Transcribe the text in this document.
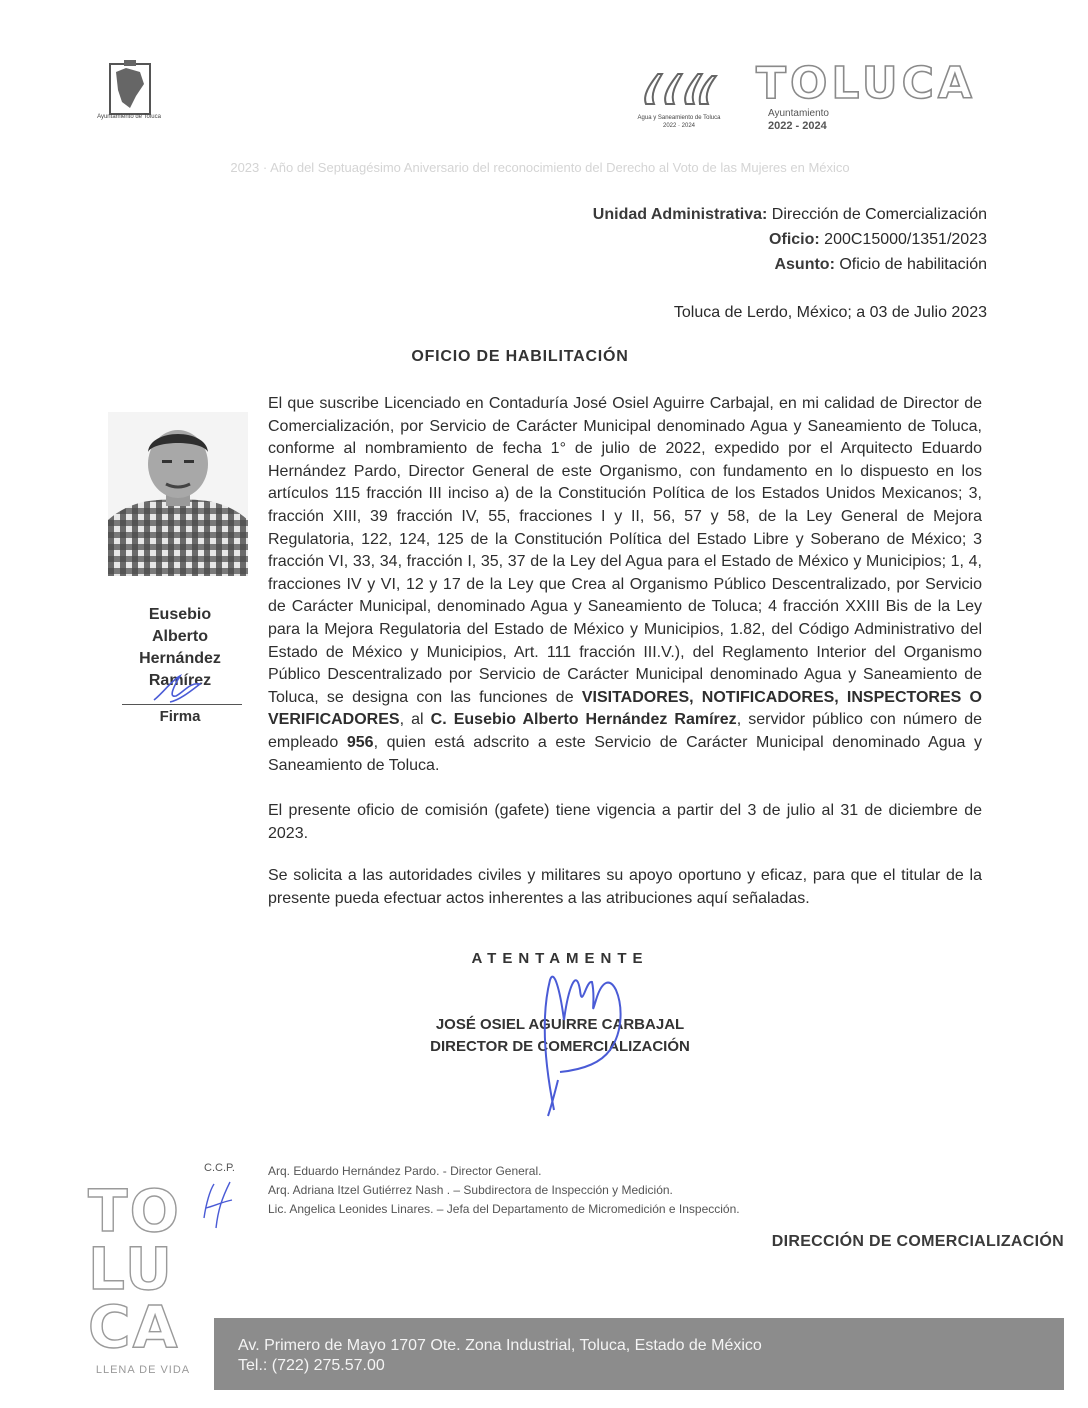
Ayuntamiento de Toluca	Agua y Saneamiento de Toluca
2022 · 2024
TOLUCA
Ayuntamiento
2022 - 2024
2023 · Año del Septuagésimo Aniversario del reconocimiento del Derecho al Voto de las Mujeres en México
Unidad Administrativa: Dirección de Comercialización
Oficio: 200C15000/1351/2023
Asunto: Oficio de habilitación
Toluca de Lerdo, México; a 03 de Julio 2023
OFICIO DE HABILITACIÓN
Eusebio
Alberto
Hernández
Ramírez
Firma
El que suscribe Licenciado en Contaduría José Osiel Aguirre Carbajal, en mi calidad de Director de Comercialización, por Servicio de Carácter Municipal denominado Agua y Saneamiento de Toluca, conforme al nombramiento de fecha 1° de julio de 2022, expedido por el Arquitecto Eduardo Hernández Pardo, Director General de este Organismo, con fundamento en lo dispuesto en los artículos 115 fracción III inciso a) de la Constitución Política de los Estados Unidos Mexicanos; 3, fracción XIII, 39 fracción IV, 55, fracciones I y II, 56, 57 y 58, de la Ley General de Mejora Regulatoria, 122, 124, 125 de la Constitución Política del Estado Libre y Soberano de México; 3 fracción VI, 33, 34, fracción I, 35, 37 de la Ley del Agua para el Estado de México y Municipios; 1, 4, fracciones IV y VI, 12 y 17 de la Ley que Crea al Organismo Público Descentralizado, por Servicio de Carácter Municipal, denominado Agua y Saneamiento de Toluca; 4 fracción XXIII Bis de la Ley para la Mejora Regulatoria del Estado de México y Municipios, 1.82, del Código Administrativo del Estado de México y Municipios, Art. 111 fracción III.V.), del Reglamento Interior del Organismo Público Descentralizado por Servicio de Carácter Municipal denominado Agua y Saneamiento de Toluca, se designa con las funciones de VISITADORES, NOTIFICADORES, INSPECTORES O VERIFICADORES, al C. Eusebio Alberto Hernández Ramírez, servidor público con número de empleado 956, quien está adscrito a este Servicio de Carácter Municipal denominado Agua y Saneamiento de Toluca.
El presente oficio de comisión (gafete) tiene vigencia a partir del 3 de julio al 31 de diciembre de 2023.
Se solicita a las autoridades civiles y militares su apoyo oportuno y eficaz, para que el titular de la presente pueda efectuar actos inherentes a las atribuciones aquí señaladas.
ATENTAMENTE
JOSÉ OSIEL AGUIRRE CARBAJAL
DIRECTOR DE COMERCIALIZACIÓN
C.C.P.	Arq. Eduardo Hernández Pardo. - Director General.
Arq. Adriana Itzel Gutiérrez Nash . – Subdirectora de Inspección y Medición.
Lic. Angelica Leonides Linares. – Jefa del Departamento de Micromedición e Inspección.
DIRECCIÓN DE COMERCIALIZACIÓN
TO
LU
CA
LLENA DE VIDA
Av. Primero de Mayo 1707 Ote. Zona Industrial, Toluca, Estado de México
Tel.: (722) 275.57.00
